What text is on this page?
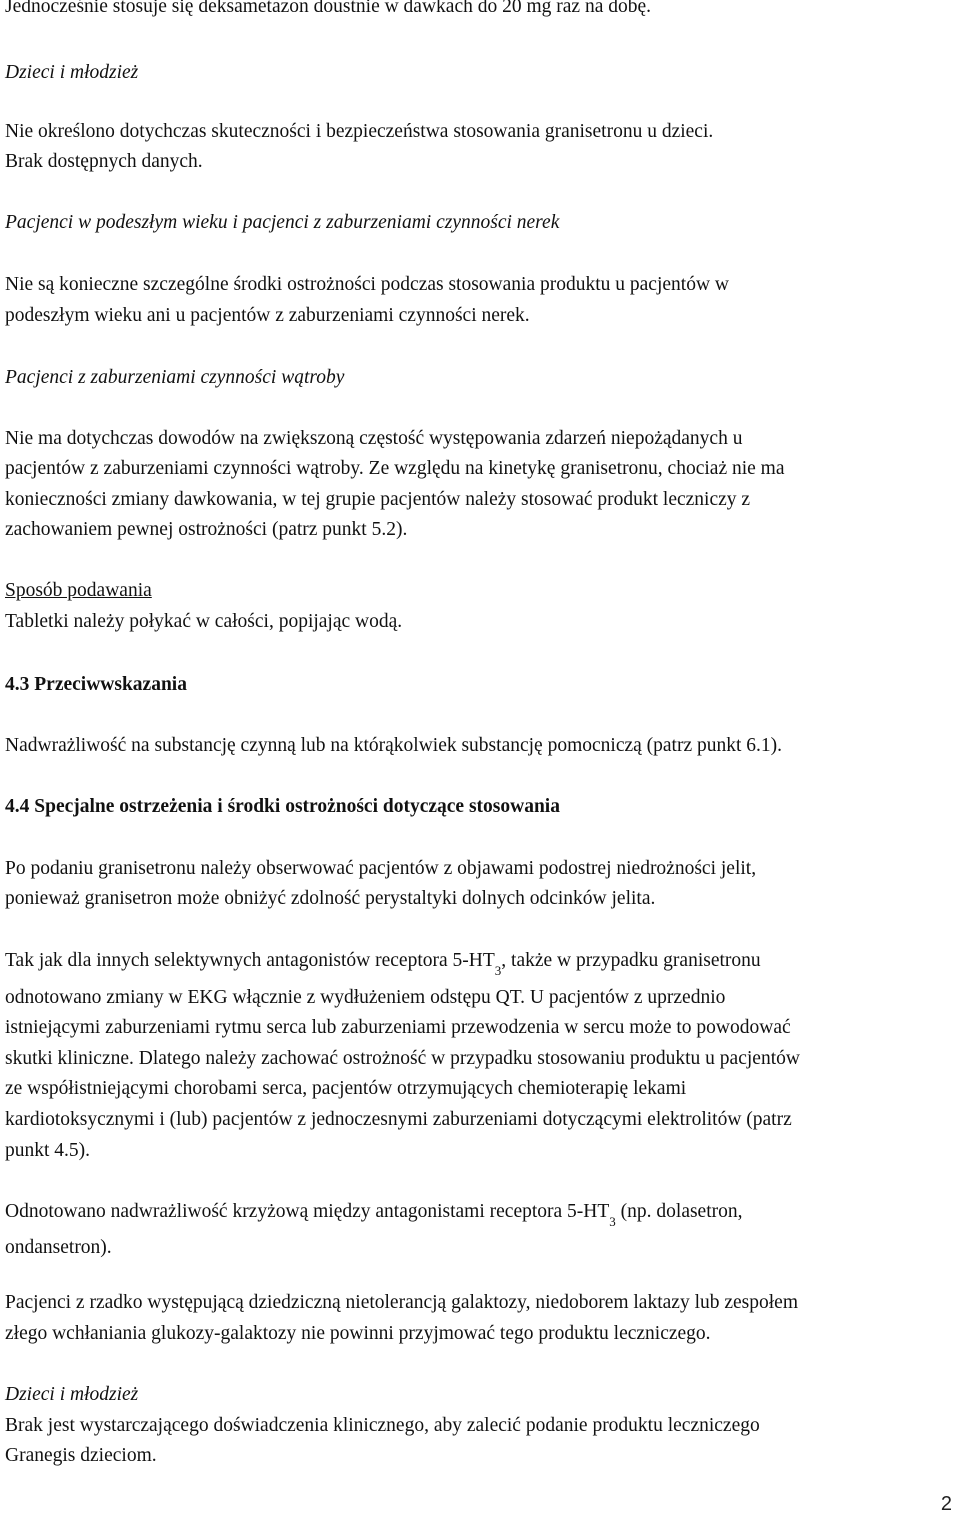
Jednocześnie stosuje się deksametazon doustnie w dawkach do 20 mg raz na dobę.

Dzieci i młodzież

Nie określono dotychczas skuteczności i bezpieczeństwa stosowania granisetronu u dzieci.

Brak dostępnych danych.

Pacjenci w podeszłym wieku i pacjenci z zaburzeniami czynności nerek

Nie są konieczne szczególne środki ostrożności podczas stosowania produktu u pacjentów w

podeszłym wieku ani u pacjentów z zaburzeniami czynności nerek.

Pacjenci z zaburzeniami czynności wątroby

Nie ma dotychczas dowodów na zwiększoną częstość występowania zdarzeń niepożądanych u

pacjentów z zaburzeniami czynności wątroby. Ze względu na kinetykę granisetronu, chociaż nie ma

konieczności zmiany dawkowania, w tej grupie pacjentów należy stosować produkt leczniczy z

zachowaniem pewnej ostrożności (patrz punkt 5.2).

Sposób podawania

Tabletki należy połykać w całości, popijając wodą.

4.3 Przeciwwskazania

Nadwrażliwość na substancję czynną lub na którąkolwiek substancję pomocniczą (patrz punkt 6.1).

4.4 Specjalne ostrzeżenia i środki ostrożności dotyczące stosowania

Po podaniu granisetronu należy obserwować pacjentów z objawami podostrej niedrożności jelit,

ponieważ granisetron może obniżyć zdolność perystaltyki dolnych odcinków jelita.

Tak jak dla innych selektywnych antagonistów receptora $5-HT_3$, także w przypadku granisetronu

odnotowano zmiany w EKG włącznie z wydłużeniem odstępu QT. U pacjentów z uprzednio

istniejącymi zaburzeniami rytmu serca lub zaburzeniami przewodzenia w sercu może to powodować

skutki kliniczne. Dlatego należy zachować ostrożność w przypadku stosowaniu produktu u pacjentów

ze współistniejącymi chorobami serca, pacjentów otrzymujących chemioterapię lekami

kardiotoksycznymi i (lub) pacjentów z jednoczesnymi zaburzeniami dotyczącymi elektrolitów (patrz

punkt 4.5).

Odnotowano nadwrażliwość krzyżową między antagonistami receptora $5-HT_3$ (np. dolasetron,

ondansetron).

Pacjenci z rzadko występującą dziedziczną nietolerancją galaktozy, niedoborem laktazy lub zespołem

złego wchłaniania glukozy-galaktozy nie powinni przyjmować tego produktu leczniczego.

Dzieci i młodzież

Brak jest wystarczającego doświadczenia klinicznego, aby zalecić podanie produktu leczniczego

Granegis dzieciom.

2
